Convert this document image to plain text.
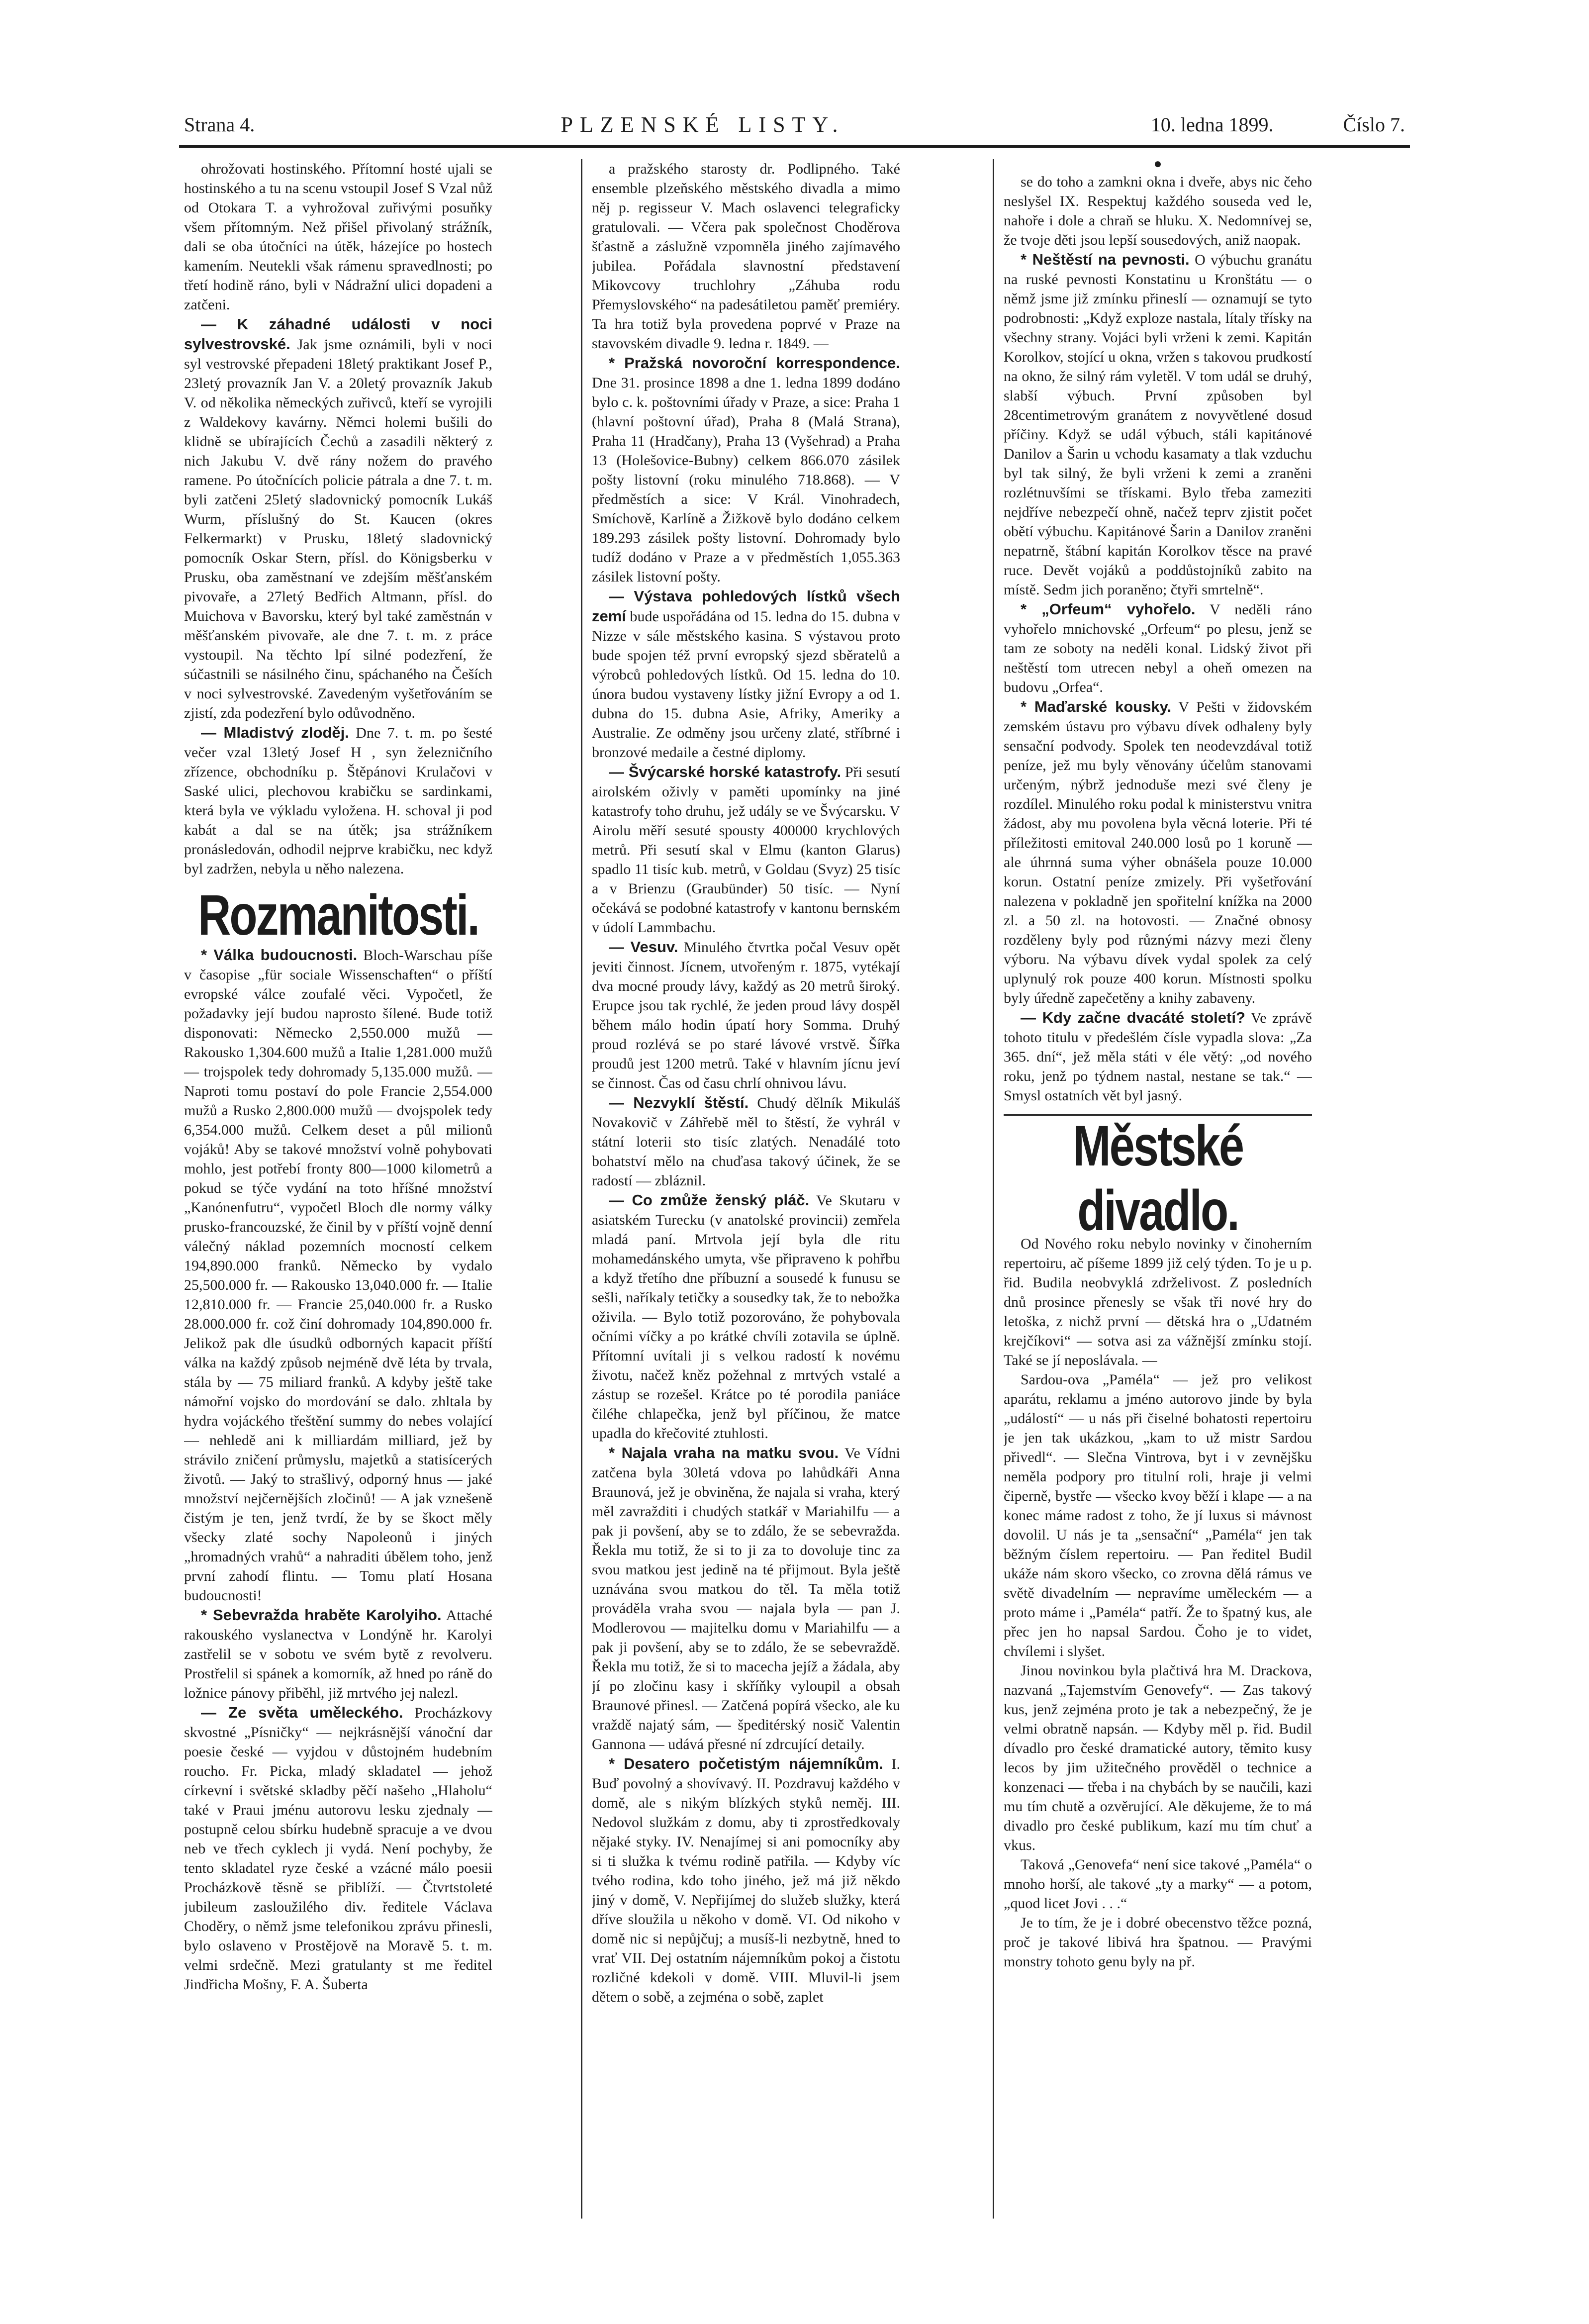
Strana 4.	PLZENSKÉ LISTY.	10. ledna 1899.	Číslo 7.

ohrožovati hostinského. Přítomní hosté ujali se hostinského a tu na scenu vstoupil Josef S Vzal nůž od Otokara T. a vyhrožoval zuřivými posuňky všem přítomným. Než přišel přivolaný strážník, dali se oba útočníci na útěk, házejíce po hostech kamením. Neutekli však rámenu spravedlnosti; po třetí hodině ráno, byli v Nádražní ulici dopadeni a zatčeni.

— K záhadné události v noci sylvestrovské. Jak jsme oznámili, byli v noci syl vestrovské přepadeni 18letý praktikant Josef P., 23letý provazník Jan V. a 20letý provazník Jakub V. od několika německých zuřivců, kteří se vyrojili z Waldekovy kavárny. Němci holemi bušili do klidně se ubírajících Čechů a zasadili některý z nich Jakubu V. dvě rány nožem do pravého ramene. Po útočnících policie pátrala a dne 7. t. m. byli zatčeni 25letý sladovnický pomocník Lukáš Wurm, příslušný do St. Kaucen (okres Felkermarkt) v Prusku, 18letý sladovnický pomocník Oskar Stern, přísl. do Königsberku v Prusku, oba zaměstnaní ve zdejším měšťanském pivovaře, a 27letý Bedřich Altmann, přísl. do Muichova v Bavorsku, který byl také zaměstnán v měšťanském pivovaře, ale dne 7. t. m. z práce vystoupil. Na těchto lpí silné podezření, že súčastnili se násilného činu, spáchaného na Češích v noci sylvestrovské. Zavedeným vyšetřováním se zjistí, zda podezření bylo odůvodněno.

— Mladistvý zloděj. Dne 7. t. m. po šesté večer vzal 13letý Josef H , syn železničního zřízence, obchodníku p. Štěpánovi Krulačovi v Saské ulici, plechovou krabičku se sardinkami, která byla ve výkladu vyložena. H. schoval ji pod kabát a dal se na útěk; jsa strážníkem pronásledován, odhodil nejprve krabičku, nec když byl zadržen, nebyla u něho nalezena.

Rozmanitosti.

* Válka budoucnosti. Bloch-Warschau píše v časopise „für sociale Wissenschaften“ o příští evropské válce zoufalé věci. Vypočetl, že požadavky její budou naprosto šílené. Bude totiž disponovati: Německo 2,550.000 mužů — Rakousko 1,304.600 mužů a Italie 1,281.000 mužů — trojspolek tedy dohromady 5,135.000 mužů. — Naproti tomu postaví do pole Francie 2,554.000 mužů a Rusko 2,800.000 mužů — dvojspolek tedy 6,354.000 mužů. Celkem deset a půl milionů vojáků! Aby se takové množství volně pohybovati mohlo, jest potřebí fronty 800—1000 kilometrů a pokud se týče vydání na toto hříšné množství „Kanónenfutru“, vypočetl Bloch dle normy války prusko-francouzské, že činil by v příští vojně denní válečný náklad pozemních mocností celkem 194,890.000 franků. Německo by vydalo 25,500.000 fr. — Rakousko 13,040.000 fr. — Italie 12,810.000 fr. — Francie 25,040.000 fr. a Rusko 28.000.000 fr. což činí dohromady 104,890.000 fr. Jelikož pak dle úsudků odborných kapacit příští válka na každý způsob nejméně dvě léta by trvala, stála by — 75 miliard franků. A kdyby ještě take námořní vojsko do mordování se dalo. zhltala by hydra vojáckého třeštění summy do nebes volající — nehledě ani k milliardám milliard, jež by strávilo zničení průmyslu, majetků a statisícerých životů. — Jaký to strašlivý, odporný hnus — jaké množství nejčernějších zločinů! — A jak vznešeně čistým je ten, jenž tvrdí, že by se škoct měly všecky zlaté sochy Napoleonů i jiných „hromadných vrahů“ a nahraditi úbělem toho, jenž první zahodí flintu. — Tomu platí Hosana budoucnosti!

* Sebevražda hraběte Karolyiho. Attaché rakouského vyslanectva v Londýně hr. Karolyi zastřelil se v sobotu ve svém bytě z revolveru. Prostřelil si spánek a komorník, až hned po ráně do ložnice pánovy přiběhl, již mrtvého jej nalezl.

— Ze světa uměleckého. Procházkovy skvostné „Písničky“ — nejkrásnější vánoční dar poesie české — vyjdou v důstojném hudebním roucho. Fr. Picka, mladý skladatel — jehož církevní i světské skladby pěčí našeho „Hlaholu“ také v Praui jménu autorovu lesku zjednaly — postupně celou sbírku hudebně spracuje a ve dvou neb ve třech cyklech ji vydá. Není pochyby, že tento skladatel ryze české a vzácné málo poesii Procházkově těsně se přiblíží. — Čtvrtstoleté jubileum zasloužilého div. ředitele Václava Choděry, o němž jsme telefonikou zprávu přinesli, bylo oslaveno v Prostějově na Moravě 5. t. m. velmi srdečně. Mezi gratulanty st me ředitel Jindřicha Mošny, F. A. Šuberta

a pražského starosty dr. Podlipného. Také ensemble plzeňského městského divadla a mimo něj p. regisseur V. Mach oslavenci telegraficky gratulovali. — Včera pak společnost Choděrova šťastně a záslužně vzpomněla jiného zajímavého jubilea. Pořádala slavnostní představení Mikovcovy truchlohry „Záhuba rodu Přemyslovského“ na padesátiletou paměť premiéry. Ta hra totiž byla provedena poprvé v Praze na stavovském divadle 9. ledna r. 1849. —

* Pražská novoroční korrespondence. Dne 31. prosince 1898 a dne 1. ledna 1899 dodáno bylo c. k. poštovními úřady v Praze, a sice: Praha 1 (hlavní poštovní úřad), Praha 8 (Malá Strana), Praha 11 (Hradčany), Praha 13 (Vyšehrad) a Praha 13 (Holešovice-Bubny) celkem 866.070 zásilek pošty listovní (roku minulého 718.868). — V předměstích a sice: V Král. Vinohradech, Smíchově, Karlíně a Žižkově bylo dodáno celkem 189.293 zásilek pošty listovní. Dohromady bylo tudíž dodáno v Praze a v předměstích 1,055.363 zásilek listovní pošty.

— Výstava pohledových lístků všech zemí bude uspořádána od 15. ledna do 15. dubna v Nizze v sále městského kasina. S výstavou proto bude spojen též první evropský sjezd sběratelů a výrobců pohledových lístků. Od 15. ledna do 10. února budou vystaveny lístky jižní Evropy a od 1. dubna do 15. dubna Asie, Afriky, Ameriky a Australie. Ze odměny jsou určeny zlaté, stříbrné i bronzové medaile a čestné diplomy.

— Švýcarské horské katastrofy. Při sesutí airolském oživly v paměti upomínky na jiné katastrofy toho druhu, jež udály se ve Švýcarsku. V Airolu měří sesuté spousty 400000 krychlových metrů. Při sesutí skal v Elmu (kanton Glarus) spadlo 11 tisíc kub. metrů, v Goldau (Svyz) 25 tisíc a v Brienzu (Graubünder) 50 tisíc. — Nyní očekává se podobné katastrofy v kantonu bernském v údolí Lammbachu.

— Vesuv. Minulého čtvrtka počal Vesuv opět jeviti činnost. Jícnem, utvořeným r. 1875, vytékají dva mocné proudy lávy, každý as 20 metrů široký. Erupce jsou tak rychlé, že jeden proud lávy dospěl během málo hodin úpatí hory Somma. Druhý proud rozlévá se po staré lávové vrstvě. Šířka proudů jest 1200 metrů. Také v hlavním jícnu jeví se činnost. Čas od času chrlí ohnivou lávu.

— Nezvyklí štěstí. Chudý dělník Mikuláš Novakovič v Záhřebě měl to štěstí, že vyhrál v státní loterii sto tisíc zlatých. Nenadálé toto bohatství mělo na chuďasa takový účinek, že se radostí — zbláznil.

— Co zmůže ženský pláč. Ve Skutaru v asiatském Turecku (v anatolské provincii) zemřela mladá paní. Mrtvola její byla dle ritu mohamedánského umyta, vše připraveno k pohřbu a když třetího dne příbuzní a sousedé k funusu se sešli, naříkaly tetičky a sousedky tak, že to nebožka oživila. — Bylo totiž pozorováno, že pohybovala očními víčky a po krátké chvíli zotavila se úplně. Přítomní uvítali ji s velkou radostí k novému životu, načež kněz požehnal z mrtvých vstalé a zástup se rozešel. Krátce po té porodila paniáce čiléhe chlapečka, jenž byl příčinou, že matce upadla do křečovité ztuhlosti.

* Najala vraha na matku svou. Ve Vídni zatčena byla 30letá vdova po lahůdkáři Anna Braunová, jež je obviněna, že najala si vraha, který měl zavražditi i chudých statkář v Mariahilfu — a pak ji povšení, aby se to zdálo, že se sebevražda. Řekla mu totiž, že si to ji za to dovoluje tinc za svou matkou jest jedině na té přijmout. Byla ještě uznávána svou matkou do těl. Ta měla totiž prováděla vraha svou — najala byla — pan J. Modlerovou — majitelku domu v Mariahilfu — a pak ji povšení, aby se to zdálo, že se sebevraždě. Řekla mu totiž, že si to macecha jejíž a žádala, aby jí po zločinu kasy i skříňky vyloupil a obsah Braunové přinesl. — Zatčená popírá všecko, ale ku vraždě najatý sám, — špeditérský nosič Valentin Gannona — udává přesné ní zdrcující detaily.

* Desatero početistým nájemníkům. I. Buď povolný a shovívavý. II. Pozdravuj každého v domě, ale s nikým blízkých styků neměj. III. Nedovol služkám z domu, aby ti zprostředkovaly nějaké styky. IV. Nenajímej si ani pomocníky aby si ti služka k tvému rodině patřila. — Kdyby víc tvého rodina, kdo toho jiného, jež má již někdo jiný v domě, V. Nepřijímej do služeb služky, která dříve sloužila u někoho v domě. VI. Od nikoho v domě nic si nepůjčuj; a musíš-li nezbytně, hned to vrať VII. Dej ostatním nájemníkům pokoj a čistotu rozličné kdekoli v domě. VIII. Mluvil-li jsem dětem o sobě, a zejména o sobě, zaplet

●

se do toho a zamkni okna i dveře, abys nic čeho neslyšel IX. Respektuj každého souseda ved le, nahoře i dole a chraň se hluku. X. Nedomnívej se, že tvoje děti jsou lepší sousedových, aniž naopak.

* Neštěstí na pevnosti. O výbuchu granátu na ruské pevnosti Konstatinu u Kronštátu — o němž jsme již zmínku přineslí — oznamují se tyto podrobnosti: „Když exploze nastala, lítaly třísky na všechny strany. Vojáci byli vrženi k zemi. Kapitán Korolkov, stojící u okna, vržen s takovou prudkostí na okno, že silný rám vyletěl. V tom udál se druhý, slabší výbuch. První způsoben byl 28centimetrovým granátem z novyvětlené dosud příčiny. Když se udál výbuch, stáli kapitánové Danilov a Šarin u vchodu kasamaty a tlak vzduchu byl tak silný, že byli vrženi k zemi a zraněni rozlétnuvšími se třískami. Bylo třeba zameziti nejdříve nebezpečí ohně, načež teprv zjistit počet obětí výbuchu. Kapitánové Šarin a Danilov zraněni nepatrně, štábní kapitán Korolkov těsce na pravé ruce. Devět vojáků a poddůstojníků zabito na místě. Sedm jich poraněno; čtyři smrtelně“.

* „Orfeum“ vyhořelo. V neděli ráno vyhořelo mnichovské „Orfeum“ po plesu, jenž se tam ze soboty na neděli konal. Lidský život při neštěstí tom utrecen nebyl a oheň omezen na budovu „Orfea“.

* Maďarské kousky. V Pešti v židovském zemském ústavu pro výbavu dívek odhaleny byly sensační podvody. Spolek ten neodevzdával totiž peníze, jež mu byly věnovány účelům stanovami určeným, nýbrž jednoduše mezi své členy je rozdílel. Minulého roku podal k ministerstvu vnitra žádost, aby mu povolena byla věcná loterie. Při té příležitosti emitoval 240.000 losů po 1 koruně — ale úhrnná suma výher obnášela pouze 10.000 korun. Ostatní peníze zmizely. Při vyšetřování nalezena v pokladně jen spořitelní knížka na 2000 zl. a 50 zl. na hotovosti. — Značné obnosy rozděleny byly pod různými názvy mezi členy výboru. Na výbavu dívek vydal spolek za celý uplynulý rok pouze 400 korun. Místnosti spolku byly úředně zapečetěny a knihy zabaveny.

— Kdy začne dvacáté století? Ve zprávě tohoto titulu v předešlém čísle vypadla slova: „Za 365. dní“, jež měla státi v éle větý: „od nového roku, jenž po týdnem nastal, nestane se tak.“ — Smysl ostatních vět byl jasný.

Městské divadlo.

Od Nového roku nebylo novinky v činoherním repertoiru, ač píšeme 1899 již celý týden. To je u p. řid. Budila neobvyklá zdrželivost. Z posledních dnů prosince přenesly se však tři nové hry do letoška, z nichž první — dětská hra o „Udatném krejčíkovi“ — sotva asi za vážnější zmínku stojí. Také se jí neposlávala. —

Sardou-ova „Paméla“ — jež pro velikost aparátu, reklamu a jméno autorovo jinde by byla „událostí“ — u nás při čiselné bohatosti repertoiru je jen tak ukázkou, „kam to už mistr Sardou přivedl“. — Slečna Vintrova, byt i v zevnějšku neměla podpory pro titulní roli, hraje ji velmi čiperně, bystře — všecko kvoy běží i klape — a na konec máme radost z toho, že jí luxus si mávnost dovolil. U nás je ta „sensační“ „Paméla“ jen tak běžným číslem repertoiru. — Pan ředitel Budil ukáže nám skoro všecko, co zrovna dělá rámus ve světě divadelním — nepravíme uměleckém — a proto máme i „Paméla“ patří. Že to špatný kus, ale přec jen ho napsal Sardou. Čoho je to videt, chvílemi i slyšet.

Jinou novinkou byla plačtivá hra M. Drackova, nazvaná „Tajemstvím Genovefy“. — Zas takový kus, jenž zejména proto je tak a nebezpečný, že je velmi obratně napsán. — Kdyby měl p. řid. Budil dívadlo pro české dramatické autory, těmito kusy lecos by jim užitečného prověděl o technice a konzenaci — třeba i na chybách by se naučili, kazi mu tím chutě a ozvěrující. Ale děkujeme, že to má divadlo pro české publikum, kazí mu tím chuť a vkus.

Taková „Genovefa“ není sice takové „Paméla“ o mnoho horší, ale takové „ty a marky“ — a potom, „quod licet Jovi . . .“

Je to tím, že je i dobré obecenstvo těžce pozná, proč je takové libivá hra špatnou. — Pravými monstry tohoto genu byly na př.
